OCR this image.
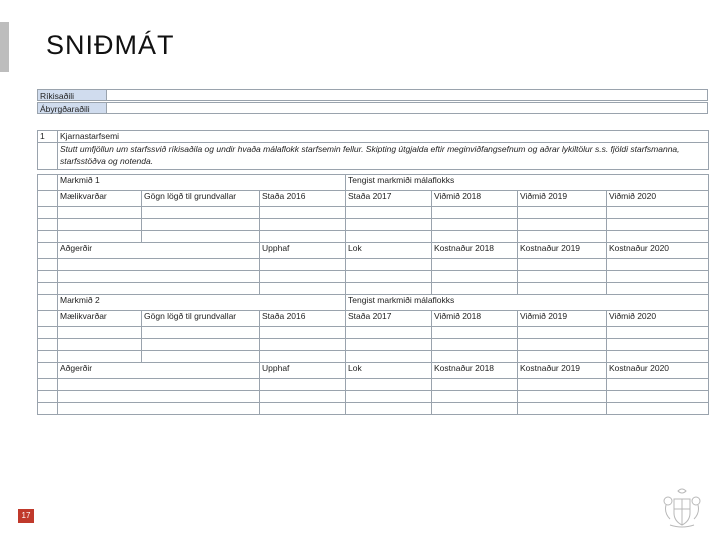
SNIÐMÁT
Ríkisaðili
Ábyrgðaraðili
1	Kjarnastarfsemi						
	Stutt umfjöllun um starfssvið ríkisaðila og undir hvaða málaflokk starfsemin fellur. Skipting útgjalda eftir meginviðfangsefnum og aðrar lykiltölur s.s. fjöldi starfsmanna, starfsstöðva og notenda.						

	Markmið 1			Tengist markmiði málaflokks			
	Mælikvarðar	Gögn lögð til grundvallar	Staða 2016	Staða 2017	Viðmið 2018	Viðmið 2019	Viðmið 2020

	Aðgerðir		Upphaf	Lok	Kostnaður 2018	Kostnaður 2019	Kostnaður 2020

	Markmið 2			Tengist markmiði málaflokks			
	Mælikvarðar	Gögn lögð til grundvallar	Staða 2016	Staða 2017	Viðmið 2018	Viðmið 2019	Viðmið 2020

	Aðgerðir		Upphaf	Lok	Kostnaður 2018	Kostnaður 2019	Kostnaður 2020

17
